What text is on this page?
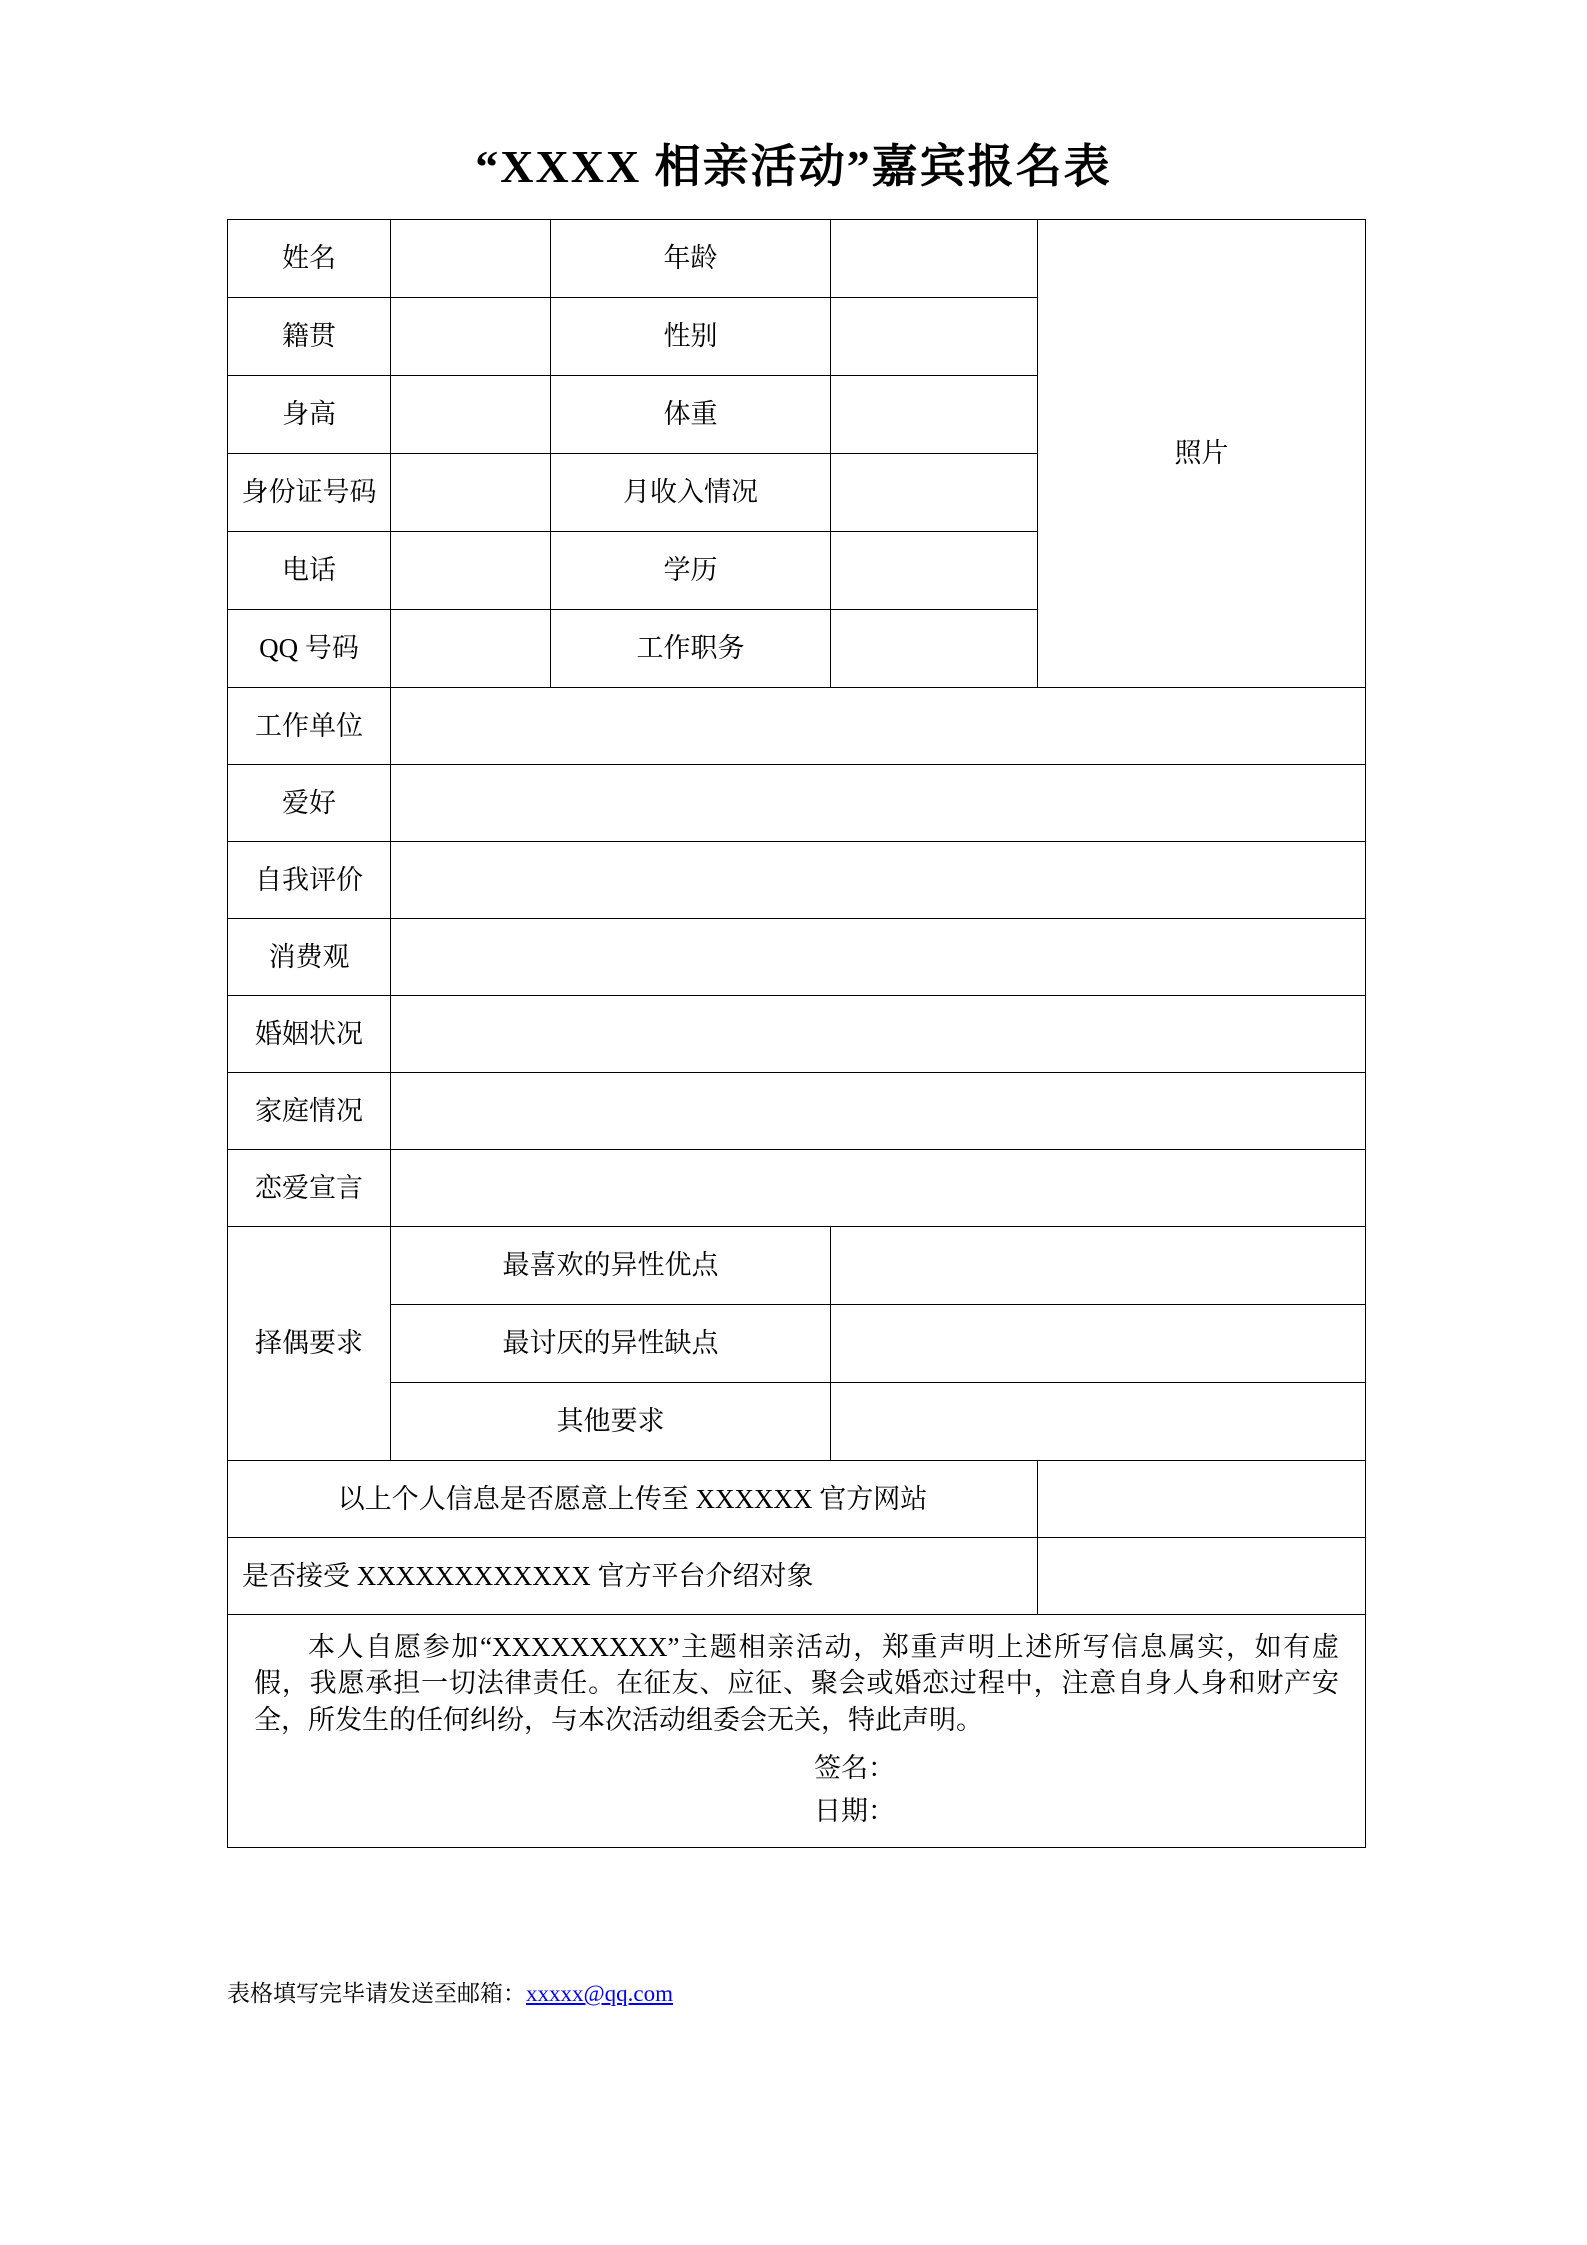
“XXXX 相亲活动”嘉宾报名表
姓名		年龄		照片
籍贯		性别		
身高		体重		
身份证号码		月收入情况		
电话		学历		
QQ 号码		工作职务		
工作单位				
爱好				
自我评价				
消费观				
婚姻状况				
家庭情况				
恋爱宣言				
择偶要求	最喜欢的异性优点			
	最讨厌的异性缺点			
	其他要求			
以上个人信息是否愿意上传至 XXXXXX 官方网站				
是否接受 XXXXXXXXXXXX 官方平台介绍对象				

本人自愿参加“XXXXXXXXX”主题相亲活动，郑重声明上述所写信息属实，如有虚假，我愿承担一切法律责任。在征友、应征、聚会或婚恋过程中，注意自身人身和财产安全，所发生的任何纠纷，与本次活动组委会无关，特此声明。

签名：

日期：				

表格填写完毕请发送至邮箱：xxxxx@qq.com
